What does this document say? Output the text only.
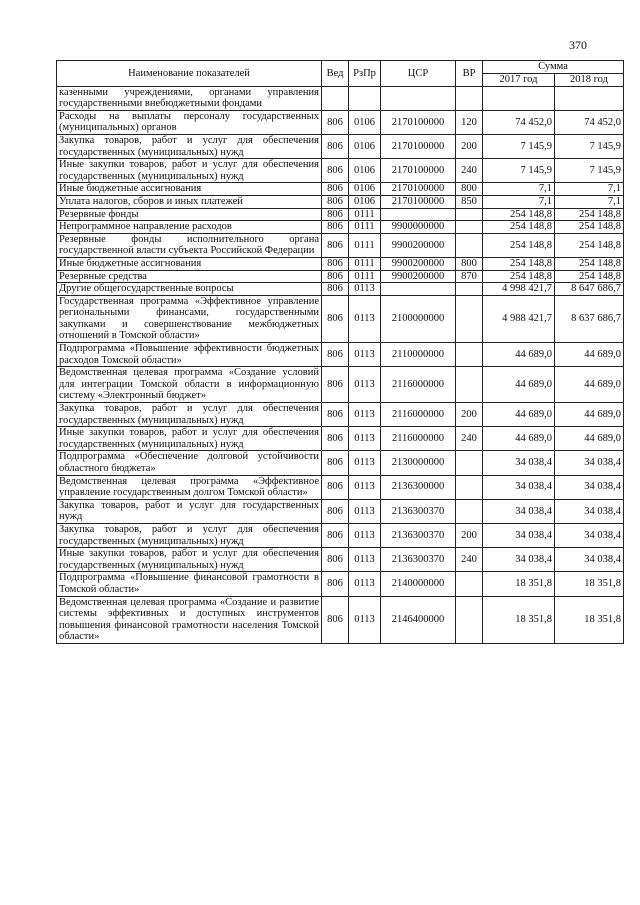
370
Наименование показателей	Вед	РзПр	ЦСР	ВР	Сумма	
					2017 год	2018 год
казенными учреждениями, органами управления государственными внебюджетными фондами						
Расходы на выплаты персоналу государственных (муниципальных) органов	806	0106	2170100000	120	74 452,0	74 452,0
Закупка товаров, работ и услуг для обеспечения государственных (муниципальных) нужд	806	0106	2170100000	200	7 145,9	7 145,9
Иные закупки товаров, работ и услуг для обеспечения государственных (муниципальных) нужд	806	0106	2170100000	240	7 145,9	7 145,9
Иные бюджетные ассигнования	806	0106	2170100000	800	7,1	7,1
Уплата налогов, сборов и иных платежей	806	0106	2170100000	850	7,1	7,1
Резервные фонды	806	0111			254 148,8	254 148,8
Непрограммное направление расходов	806	0111	9900000000		254 148,8	254 148,8
Резервные фонды исполнительного органа государственной власти субъекта Российской Федерации	806	0111	9900200000		254 148,8	254 148,8
Иные бюджетные ассигнования	806	0111	9900200000	800	254 148,8	254 148,8
Резервные средства	806	0111	9900200000	870	254 148,8	254 148,8
Другие общегосударственные вопросы	806	0113			4 998 421,7	8 647 686,7
Государственная программа «Эффективное управление региональными финансами, государственными закупками и совершенствование межбюджетных отношений в Томской области»	806	0113	2100000000		4 988 421,7	8 637 686,7
Подпрограмма «Повышение эффективности бюджетных расходов Томской области»	806	0113	2110000000		44 689,0	44 689,0
Ведомственная целевая программа «Создание условий для интеграции Томской области в информационную систему «Электронный бюджет»	806	0113	2116000000		44 689,0	44 689,0
Закупка товаров, работ и услуг для обеспечения государственных (муниципальных) нужд	806	0113	2116000000	200	44 689,0	44 689,0
Иные закупки товаров, работ и услуг для обеспечения государственных (муниципальных) нужд	806	0113	2116000000	240	44 689,0	44 689,0
Подпрограмма «Обеспечение долговой устойчивости областного бюджета»	806	0113	2130000000		34 038,4	34 038,4
Ведомственная целевая программа «Эффективное управление государственным долгом Томской области»	806	0113	2136300000		34 038,4	34 038,4
Закупка товаров, работ и услуг для государственных нужд	806	0113	2136300370		34 038,4	34 038,4
Закупка товаров, работ и услуг для обеспечения государственных (муниципальных) нужд	806	0113	2136300370	200	34 038,4	34 038,4
Иные закупки товаров, работ и услуг для обеспечения государственных (муниципальных) нужд	806	0113	2136300370	240	34 038,4	34 038,4
Подпрограмма «Повышение финансовой грамотности в Томской области»	806	0113	2140000000		18 351,8	18 351,8
Ведомственная целевая программа «Создание и развитие системы эффективных и доступных инструментов повышения финансовой грамотности населения Томской области»	806	0113	2146400000		18 351,8	18 351,8
